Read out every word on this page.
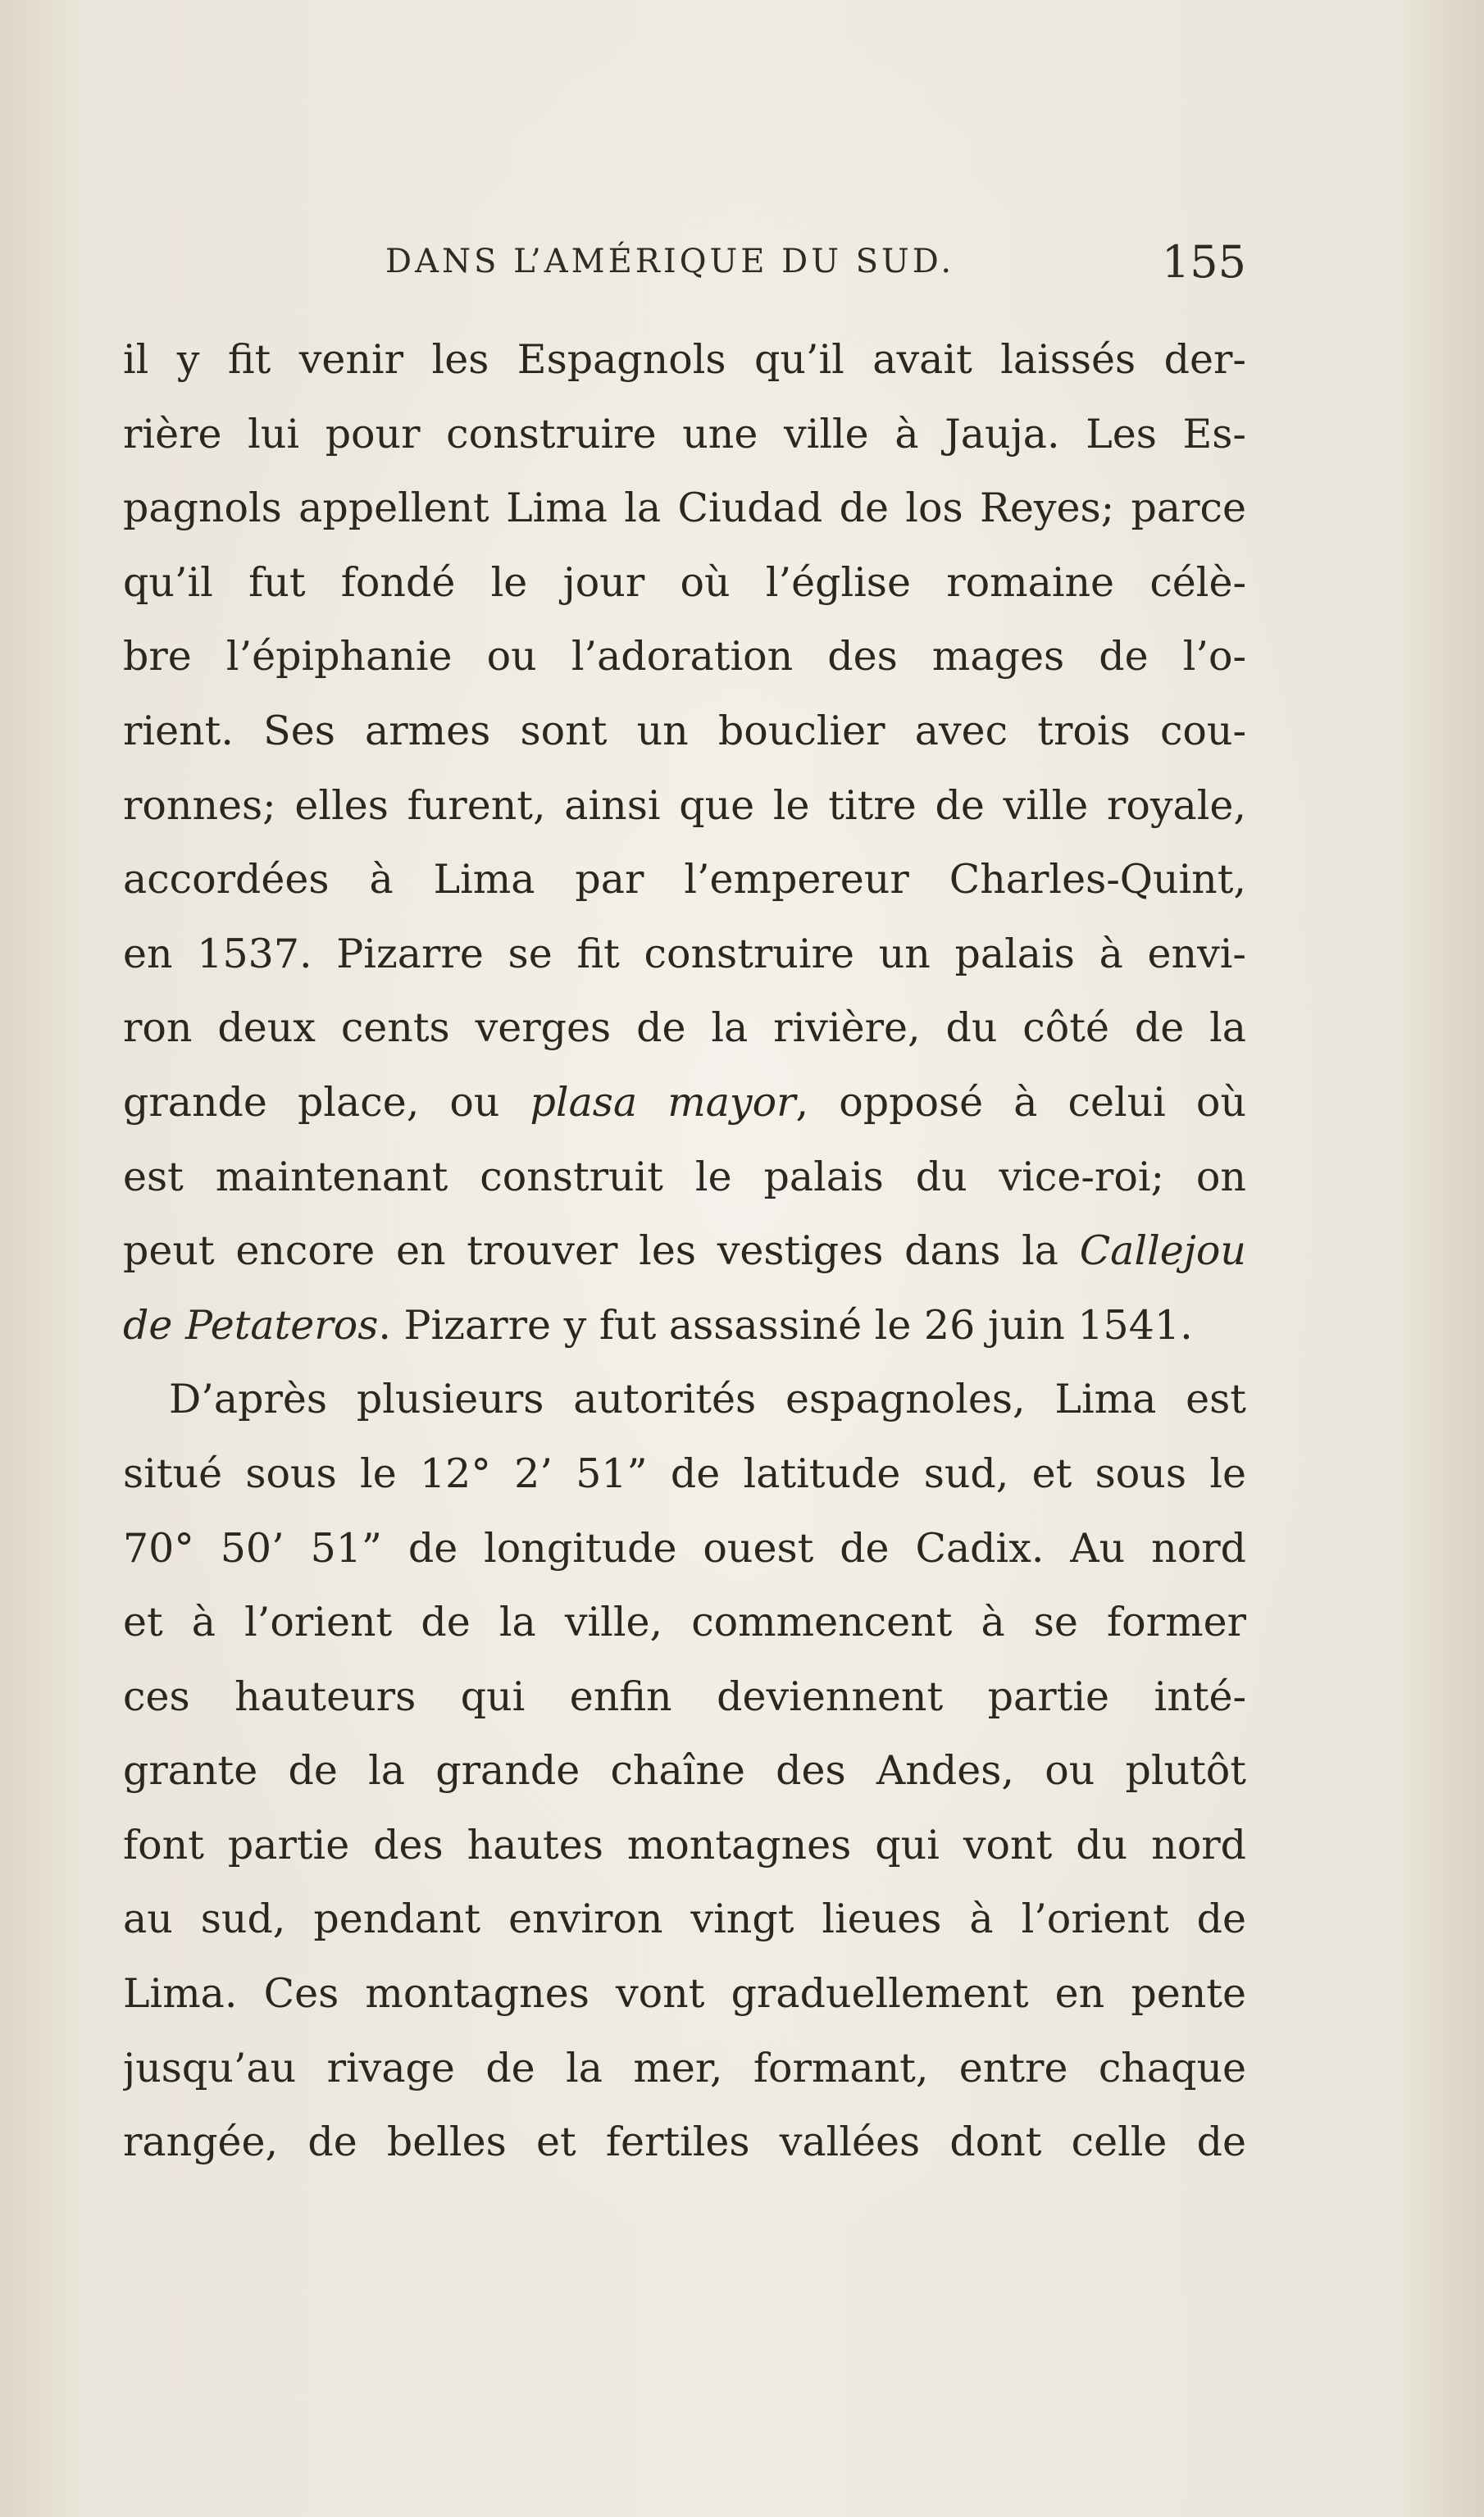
DANS L’AMÉRIQUE DU SUD.	155
il y fit venir les Espagnols qu’il avait laissés der-
rière lui pour construire une ville à Jauja. Les Es-
pagnols appellent Lima la Ciudad de los Reyes; parce
qu’il fut fondé le jour où l’église romaine célè-
bre l’épiphanie ou l’adoration des mages de l’o-
rient. Ses armes sont un bouclier avec trois cou-
ronnes; elles furent, ainsi que le titre de ville royale,
accordées à Lima par l’empereur Charles-Quint,
en 1537. Pizarre se fit construire un palais à envi-
ron deux cents verges de la rivière, du côté de la
grande place, ou plasa mayor, opposé à celui où
est maintenant construit le palais du vice-roi; on
peut encore en trouver les vestiges dans la Callejou
de Petateros. Pizarre y fut assassiné le 26 juin 1541.
D’après plusieurs autorités espagnoles, Lima est
situé sous le 12° 2’ 51” de latitude sud, et sous le
70° 50’ 51” de longitude ouest de Cadix. Au nord
et à l’orient de la ville, commencent à se former
ces hauteurs qui enfin deviennent partie inté-
grante de la grande chaîne des Andes, ou plutôt
font partie des hautes montagnes qui vont du nord
au sud, pendant environ vingt lieues à l’orient de
Lima. Ces montagnes vont graduellement en pente
jusqu’au rivage de la mer, formant, entre chaque
rangée, de belles et fertiles vallées dont celle de
